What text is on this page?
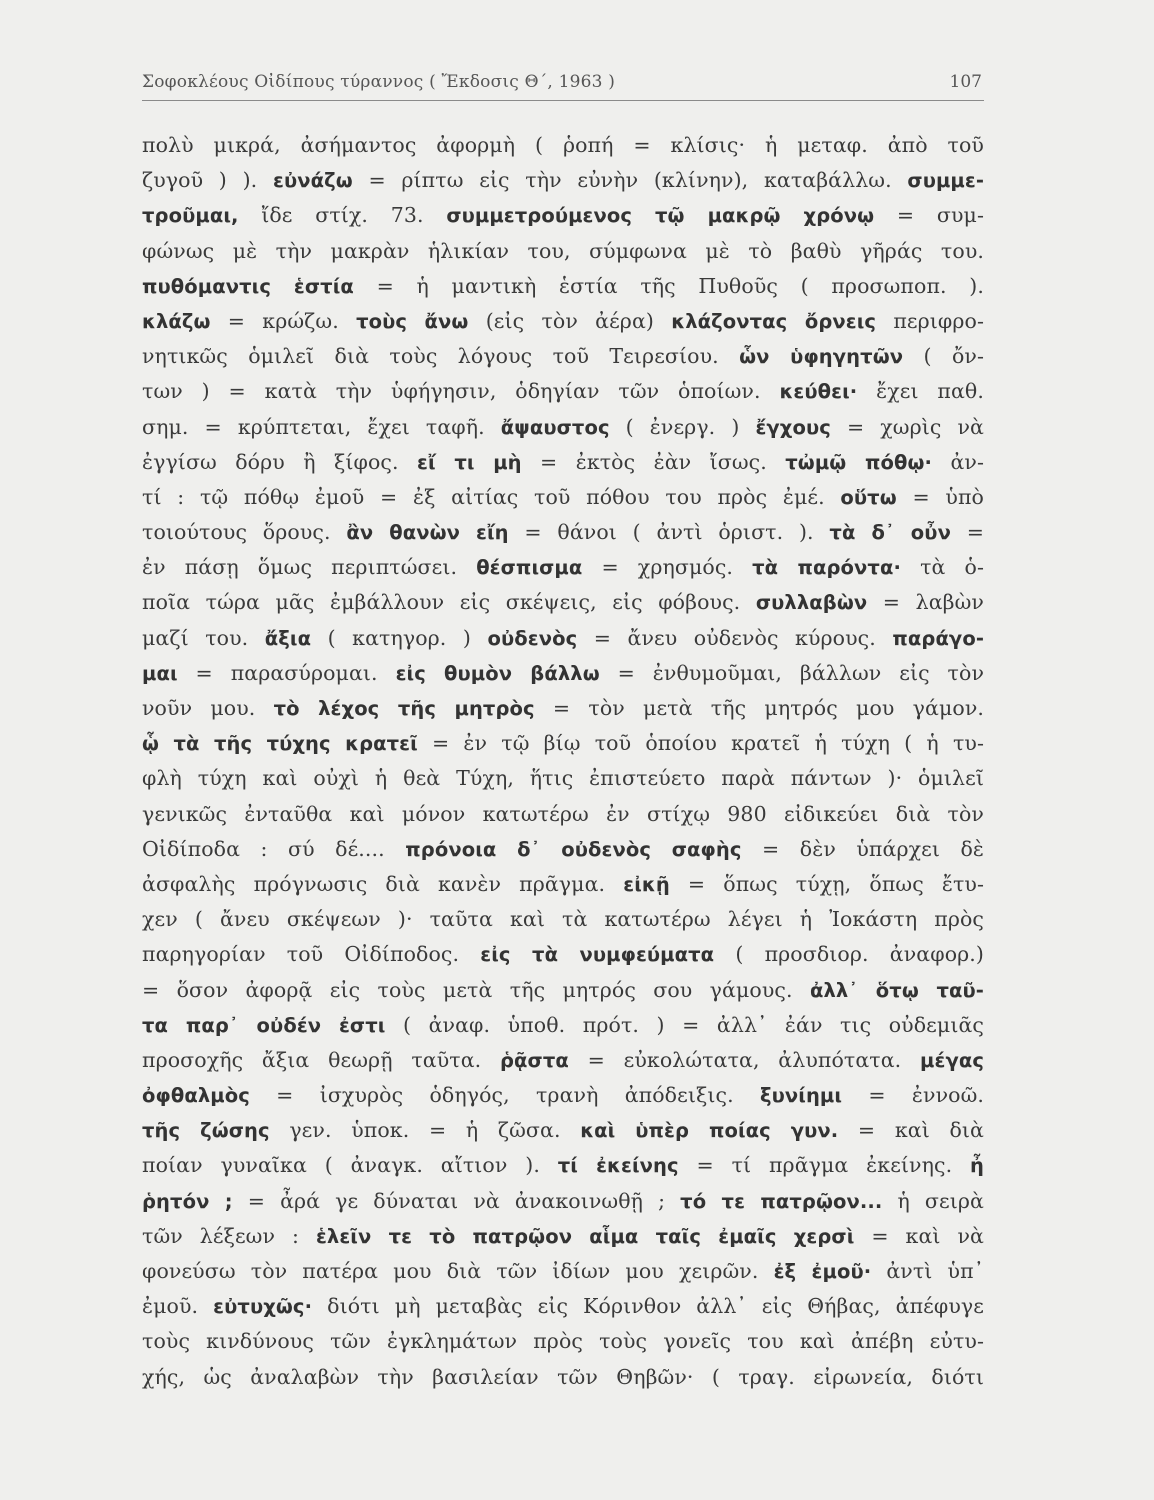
Σοφοκλέους Οἰδίπους τύραννος ( Ἔκδοσις Θ΄, 1963 )	107
πολὺ μικρά, ἀσήμαντος ἀφορμὴ ( ῥοπή = κλίσις· ἡ μεταφ. ἀπὸ τοῦ
ζυγοῦ ) ). εὐνάζω = ρίπτω εἰς τὴν εὐνὴν (κλίνην), καταβάλλω. συμμε-
τροῦμαι, ἴδε στίχ. 73. συμμετρούμενος τῷ μακρῷ χρόνῳ = συμ-
φώνως μὲ τὴν μακρὰν ἡλικίαν του, σύμφωνα μὲ τὸ βαθὺ γῆράς του.
πυθόμαντις ἑστία = ἡ μαντικὴ ἑστία τῆς Πυθοῦς ( προσωποπ. ).
κλάζω = κρώζω. τοὺς ἄνω (εἰς τὸν ἀέρα) κλάζοντας ὄρνεις περιφρο-
νητικῶς ὁμιλεῖ διὰ τοὺς λόγους τοῦ Τειρεσίου. ὧν ὑφηγητῶν ( ὄν-
των ) = κατὰ τὴν ὑφήγησιν, ὁδηγίαν τῶν ὁποίων. κεύθει· ἔχει παθ.
σημ. = κρύπτεται, ἔχει ταφῆ. ἄψαυστος ( ἐνεργ. ) ἔγχους = χωρὶς νὰ
ἐγγίσω δόρυ ἢ ξίφος. εἴ τι μὴ = ἐκτὸς ἐὰν ἴσως. τὠμῷ πόθῳ· ἀν-
τί : τῷ πόθῳ ἐμοῦ = ἐξ αἰτίας τοῦ πόθου του πρὸς ἐμέ. οὕτω = ὑπὸ
τοιούτους ὅρους. ἂν θανὼν εἴη = θάνοι ( ἀντὶ ὁριστ. ). τὰ δ᾽ οὖν =
ἐν πάσῃ ὅμως περιπτώσει. θέσπισμα = χρησμός. τὰ παρόντα· τὰ ὁ-
ποῖα τώρα μᾶς ἐμβάλλουν εἰς σκέψεις, εἰς φόβους. συλλαβὼν = λαβὼν
μαζί του. ἄξια ( κατηγορ. ) οὐδενὸς = ἄνευ οὐδενὸς κύρους. παράγο-
μαι = παρασύρομαι. εἰς θυμὸν βάλλω = ἐνθυμοῦμαι, βάλλων εἰς τὸν
νοῦν μου. τὸ λέχος τῆς μητρὸς = τὸν μετὰ τῆς μητρός μου γάμον.
ᾧ τὰ τῆς τύχης κρατεῖ = ἐν τῷ βίῳ τοῦ ὁποίου κρατεῖ ἡ τύχη ( ἡ τυ-
φλὴ τύχη καὶ οὐχὶ ἡ θεὰ Τύχη, ἥτις ἐπιστεύετο παρὰ πάντων )· ὁμιλεῖ
γενικῶς ἐνταῦθα καὶ μόνον κατωτέρω ἐν στίχῳ 980 εἰδικεύει διὰ τὸν
Οἰδίποδα : σύ δέ.... πρόνοια δ᾽ οὐδενὸς σαφὴς = δὲν ὑπάρχει δὲ
ἀσφαλὴς πρόγνωσις διὰ κανὲν πρᾶγμα. εἰκῇ = ὅπως τύχῃ, ὅπως ἔτυ-
χεν ( ἄνευ σκέψεων )· ταῦτα καὶ τὰ κατωτέρω λέγει ἡ Ἰοκάστη πρὸς
παρηγορίαν τοῦ Οἰδίποδος. εἰς τὰ νυμφεύματα ( προσδιορ. ἀναφορ.)
= ὅσον ἀφορᾷ εἰς τοὺς μετὰ τῆς μητρός σου γάμους. ἀλλ᾽ ὅτῳ ταῦ-
τα παρ᾽ οὐδέν ἐστι ( ἀναφ. ὑποθ. πρότ. ) = ἀλλ᾽ ἐάν τις οὐδεμιᾶς
προσοχῆς ἄξια θεωρῇ ταῦτα. ῥᾷστα = εὐκολώτατα, ἀλυπότατα. μέγας
ὀφθαλμὸς = ἰσχυρὸς ὁδηγός, τρανὴ ἀπόδειξις. ξυνίημι = ἐννοῶ.
τῆς ζώσης γεν. ὑποκ. = ἡ ζῶσα. καὶ ὑπὲρ ποίας γυν. = καὶ διὰ
ποίαν γυναῖκα ( ἀναγκ. αἴτιον ). τί ἐκείνης = τί πρᾶγμα ἐκείνης. ἦ
ῥητόν ; = ἆρά γε δύναται νὰ ἀνακοινωθῇ ; τό τε πατρῷον... ἡ σειρὰ
τῶν λέξεων : ἑλεῖν τε τὸ πατρῷον αἷμα ταῖς ἐμαῖς χερσὶ = καὶ νὰ
φονεύσω τὸν πατέρα μου διὰ τῶν ἰδίων μου χειρῶν. ἐξ ἐμοῦ· ἀντὶ ὑπ᾽
ἐμοῦ. εὐτυχῶς· διότι μὴ μεταβὰς εἰς Κόρινθον ἀλλ᾽ εἰς Θήβας, ἀπέφυγε
τοὺς κινδύνους τῶν ἐγκλημάτων πρὸς τοὺς γονεῖς του καὶ ἀπέβη εὐτυ-
χής, ὡς ἀναλαβὼν τὴν βασιλείαν τῶν Θηβῶν· ( τραγ. εἰρωνεία, διότι
